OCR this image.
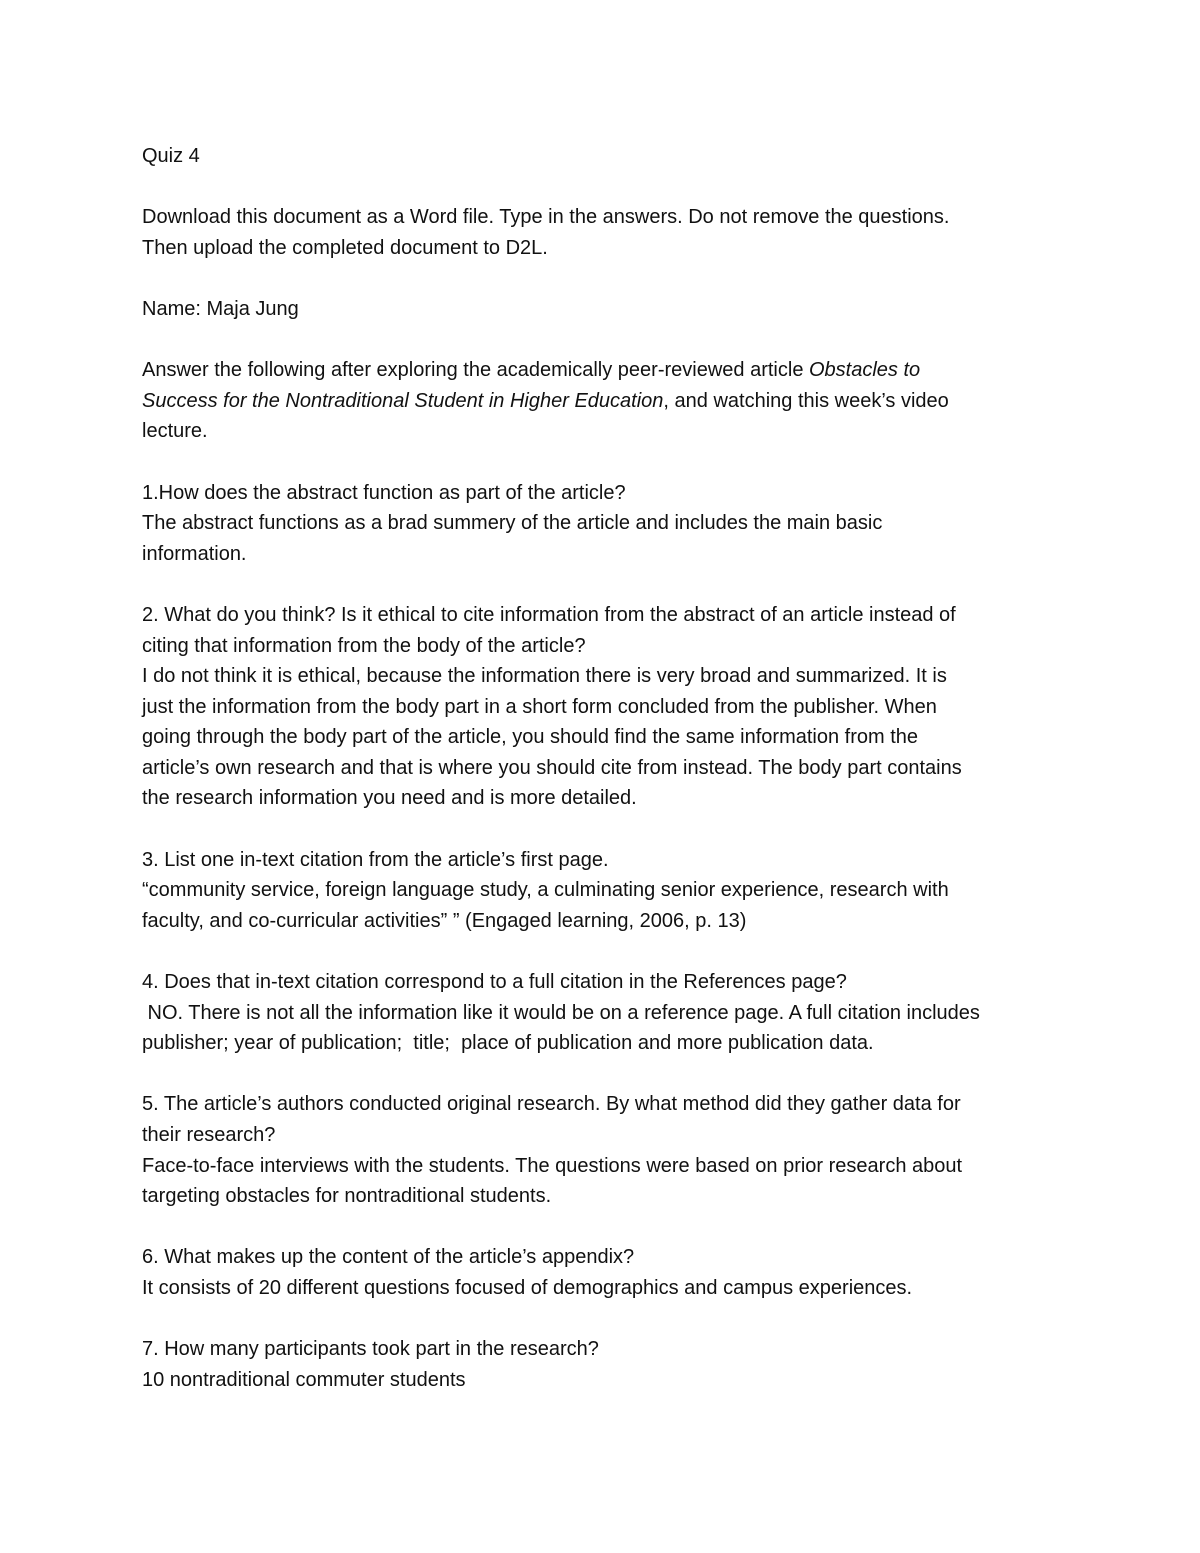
Quiz 4
Download this document as a Word file. Type in the answers. Do not remove the questions.
Then upload the completed document to D2L.
Name: Maja Jung
Answer the following after exploring the academically peer-reviewed article Obstacles to
Success for the Nontraditional Student in Higher Education, and watching this week’s video
lecture.
1.How does the abstract function as part of the article?
The abstract functions as a brad summery of the article and includes the main basic
information.
2. What do you think? Is it ethical to cite information from the abstract of an article instead of
citing that information from the body of the article?
I do not think it is ethical, because the information there is very broad and summarized. It is
just the information from the body part in a short form concluded from the publisher. When
going through the body part of the article, you should find the same information from the
article’s own research and that is where you should cite from instead. The body part contains
the research information you need and is more detailed.
3. List one in-text citation from the article’s first page.
“community service, foreign language study, a culminating senior experience, research with
faculty, and co-curricular activities” ” (Engaged learning, 2006, p. 13)
4. Does that in-text citation correspond to a full citation in the References page?
NO. There is not all the information like it would be on a reference page. A full citation includes
publisher; year of publication;  title;  place of publication and more publication data.
5. The article’s authors conducted original research. By what method did they gather data for
their research?
Face-to-face interviews with the students. The questions were based on prior research about
targeting obstacles for nontraditional students.
6. What makes up the content of the article’s appendix?
It consists of 20 different questions focused of demographics and campus experiences.
7. How many participants took part in the research?
10 nontraditional commuter students
